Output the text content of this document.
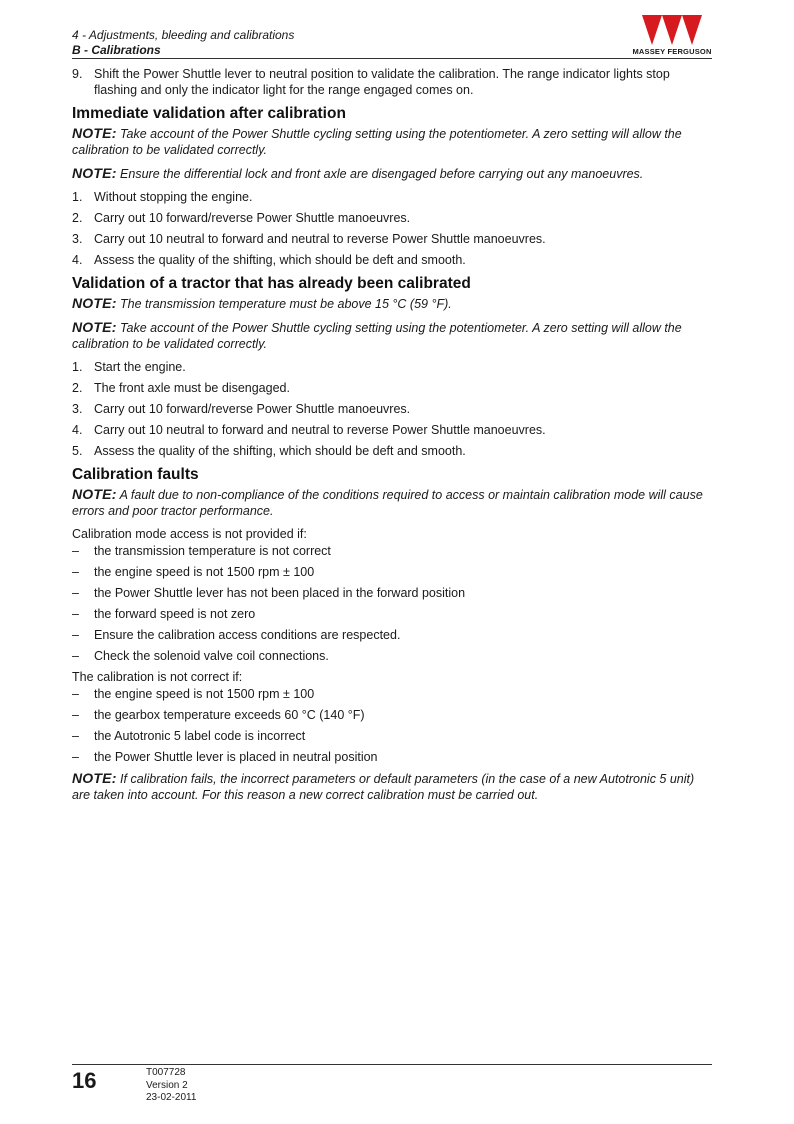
4 - Adjustments, bleeding and calibrations
B - Calibrations	MASSEY FERGUSON
9. Shift the Power Shuttle lever to neutral position to validate the calibration. The range indicator lights stop flashing and only the indicator light for the range engaged comes on.
Immediate validation after calibration
NOTE: Take account of the Power Shuttle cycling setting using the potentiometer. A zero setting will allow the calibration to be validated correctly.
NOTE: Ensure the differential lock and front axle are disengaged before carrying out any manoeuvres.
1. Without stopping the engine.
2. Carry out 10 forward/reverse Power Shuttle manoeuvres.
3. Carry out 10 neutral to forward and neutral to reverse Power Shuttle manoeuvres.
4. Assess the quality of the shifting, which should be deft and smooth.
Validation of a tractor that has already been calibrated
NOTE: The transmission temperature must be above 15 °C (59 °F).
NOTE: Take account of the Power Shuttle cycling setting using the potentiometer. A zero setting will allow the calibration to be validated correctly.
1. Start the engine.
2. The front axle must be disengaged.
3. Carry out 10 forward/reverse Power Shuttle manoeuvres.
4. Carry out 10 neutral to forward and neutral to reverse Power Shuttle manoeuvres.
5. Assess the quality of the shifting, which should be deft and smooth.
Calibration faults
NOTE: A fault due to non-compliance of the conditions required to access or maintain calibration mode will cause errors and poor tractor performance.
Calibration mode access is not provided if:
–	the transmission temperature is not correct
–	the engine speed is not 1500 rpm ± 100
–	the Power Shuttle lever has not been placed in the forward position
–	the forward speed is not zero
–	Ensure the calibration access conditions are respected.
–	Check the solenoid valve coil connections.
The calibration is not correct if:
–	the engine speed is not 1500 rpm ± 100
–	the gearbox temperature exceeds 60 °C (140 °F)
–	the Autotronic 5 label code is incorrect
–	the Power Shuttle lever is placed in neutral position
NOTE: If calibration fails, the incorrect parameters or default parameters (in the case of a new Autotronic 5 unit) are taken into account. For this reason a new correct calibration must be carried out.
16	T007728
Version 2
23-02-2011
